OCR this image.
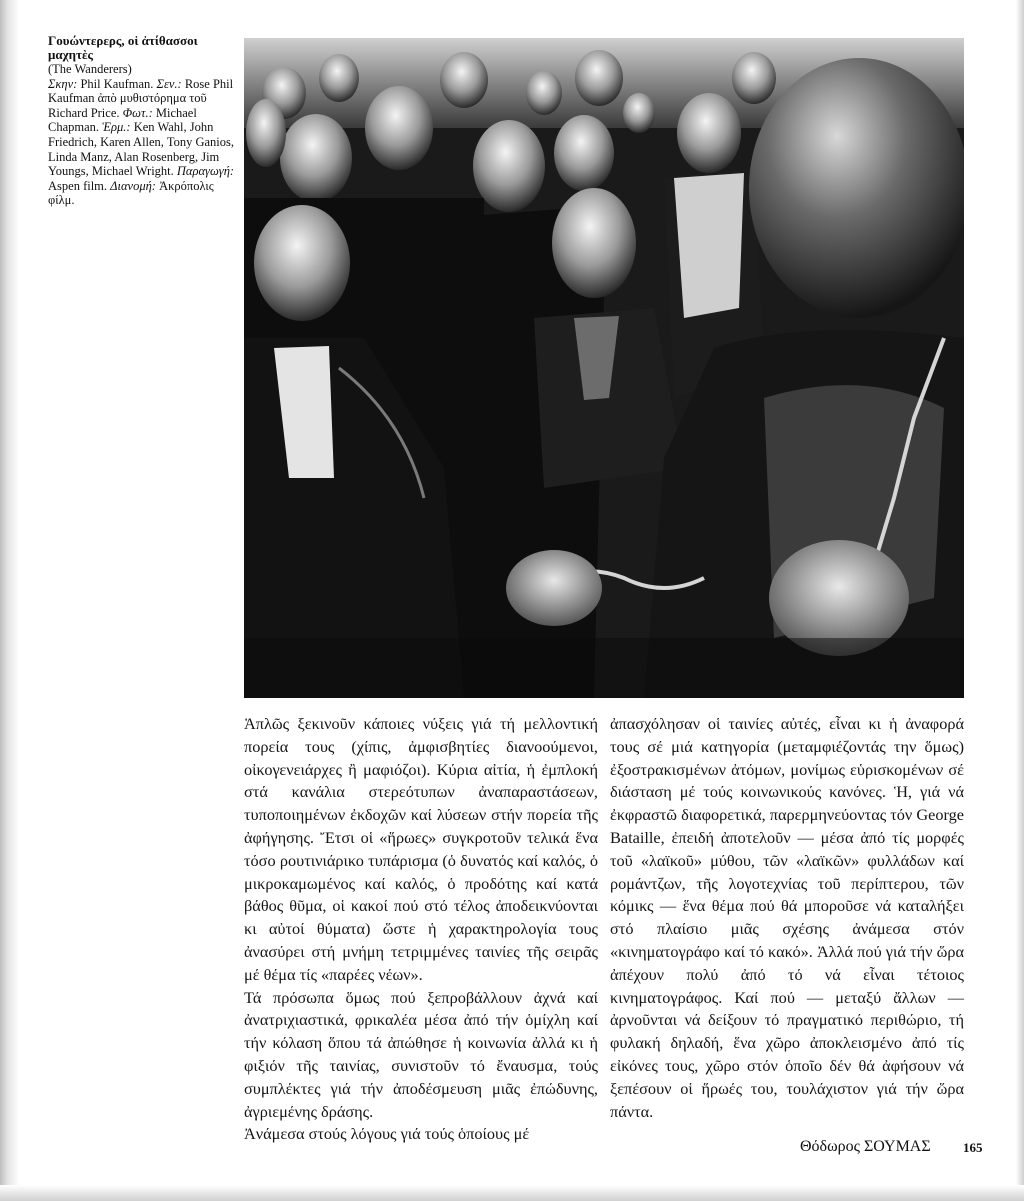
Γουώντερερς, οἱ ἀτίθασσοι μαχητὲς

(The Wanderers)

Σκην: Phil Kaufman. Σεν.: Rose Phil Kaufman ἀπὸ μυθιστόρημα τοῦ Richard Price. Φωτ.: Michael Chapman. Ἑρμ.: Ken Wahl, John Friedrich, Karen Allen, Tony Ganios, Linda Manz, Alan Rosenberg, Jim Youngs, Michael Wright. Παραγωγή: Aspen film. Διανομή: Ἀκρόπολις φίλμ.

Ἁπλῶς ξεκινοῦν κάποιες νύξεις γιά τή μελλοντική πορεία τους (χίπις, ἀμφισβητίες διανοούμενοι, οἰκογενειάρχες ἢ μαφιόζοι). Κύρια αἰτία, ἡ ἐμπλοκή στά κανάλια στερεότυπων ἀναπαραστάσεων, τυποποιημένων ἐκδοχῶν καί λύσεων στήν πορεία τῆς ἀφήγησης. Ἔτσι οἱ «ἥρωες» συγκροτοῦν τελικά ἕνα τόσο ρουτινιάρικο τυπάρισμα (ὁ δυνατός καί καλός, ὁ μικροκαμωμένος καί καλός, ὁ προδότης καί κατά βάθος θῦμα, οἱ κακοί πού στό τέλος ἀποδεικνύονται κι αὐτοί θύματα) ὥστε ἡ χαρακτηρολογία τους ἀνασύρει στή μνήμη τετριμμένες ταινίες τῆς σειρᾶς μέ θέμα τίς «παρέες νέων».

Τά πρόσωπα ὅμως πού ξεπροβάλλουν ἀχνά καί ἀνατριχιαστικά, φρικαλέα μέσα ἀπό τήν ὁμίχλη καί τήν κόλαση ὅπου τά ἀπώθησε ἡ κοινωνία ἀλλά κι ἡ φιξιόν τῆς ταινίας, συνιστοῦν τό ἔναυσμα, τούς συμπλέκτες γιά τήν ἀποδέσμευση μιᾶς ἐπώδυνης, ἀγριεμένης δράσης.

Ἀνάμεσα στούς λόγους γιά τούς ὁποίους μέ

ἀπασχόλησαν οἱ ταινίες αὐτές, εἶναι κι ἡ ἀναφορά τους σέ μιά κατηγορία (μεταμφιέζοντάς την ὅμως) ἐξοστρακισμένων ἀτόμων, μονίμως εὑρισκομένων σέ διάσταση μέ τούς κοινωνικούς κανόνες. Ἡ, γιά νά ἐκφραστῶ διαφορετικά, παρερμηνεύοντας τόν George Bataille, ἐπειδή ἀποτελοῦν — μέσα ἀπό τίς μορφές τοῦ «λαϊκοῦ» μύθου, τῶν «λαϊκῶν» φυλλάδων καί ρομάντζων, τῆς λογοτεχνίας τοῦ περίπτερου, τῶν κόμικς — ἕνα θέμα πού θά μποροῦσε νά καταλήξει στό πλαίσιο μιᾶς σχέσης ἀνάμεσα στόν «κινηματογράφο καί τό κακό». Ἀλλά πού γιά τήν ὥρα ἀπέχουν πολύ ἀπό τό νά εἶναι τέτοιος κινηματογράφος. Καί πού — μεταξύ ἄλλων — ἀρνοῦνται νά δείξουν τό πραγματικό περιθώριο, τή φυλακή δηλαδή, ἕνα χῶρο ἀποκλεισμένο ἀπό τίς εἰκόνες τους, χῶρο στόν ὁποῖο δέν θά ἀφήσουν νά ξεπέσουν οἱ ἥρωές του, τουλάχιστον γιά τήν ὥρα πάντα.

Θόδωρος ΣΟΥΜΑΣ 165
